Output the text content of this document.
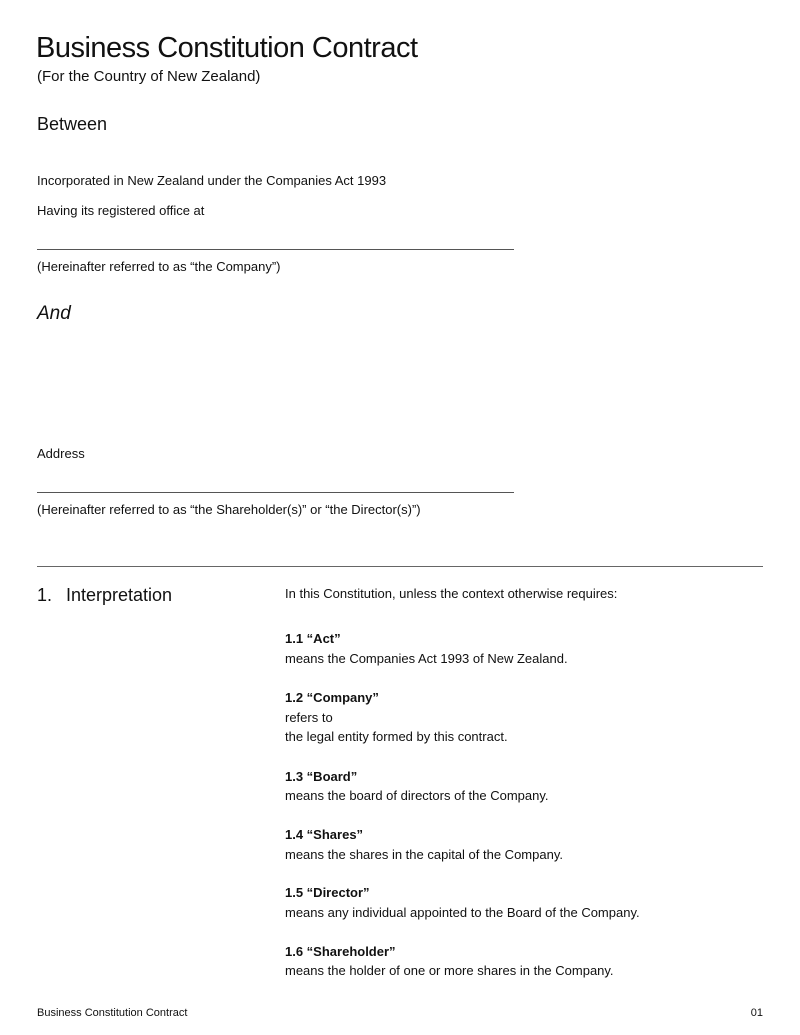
Business Constitution Contract
(For the Country of New Zealand)
Between
Incorporated in New Zealand under the Companies Act 1993
Having its registered office at
(Hereinafter referred to as “the Company”)
And
Address
(Hereinafter referred to as “the Shareholder(s)” or “the Director(s)”)
1. Interpretation	In this Constitution, unless the context otherwise requires:
1.1 “Act”
means the Companies Act 1993 of New Zealand.
1.2 “Company”
refers to
the legal entity formed by this contract.
1.3 “Board”
means the board of directors of the Company.
1.4 “Shares”
means the shares in the capital of the Company.
1.5 “Director”
means any individual appointed to the Board of the Company.
1.6 “Shareholder”
means the holder of one or more shares in the Company.
Business Constitution Contract	01
